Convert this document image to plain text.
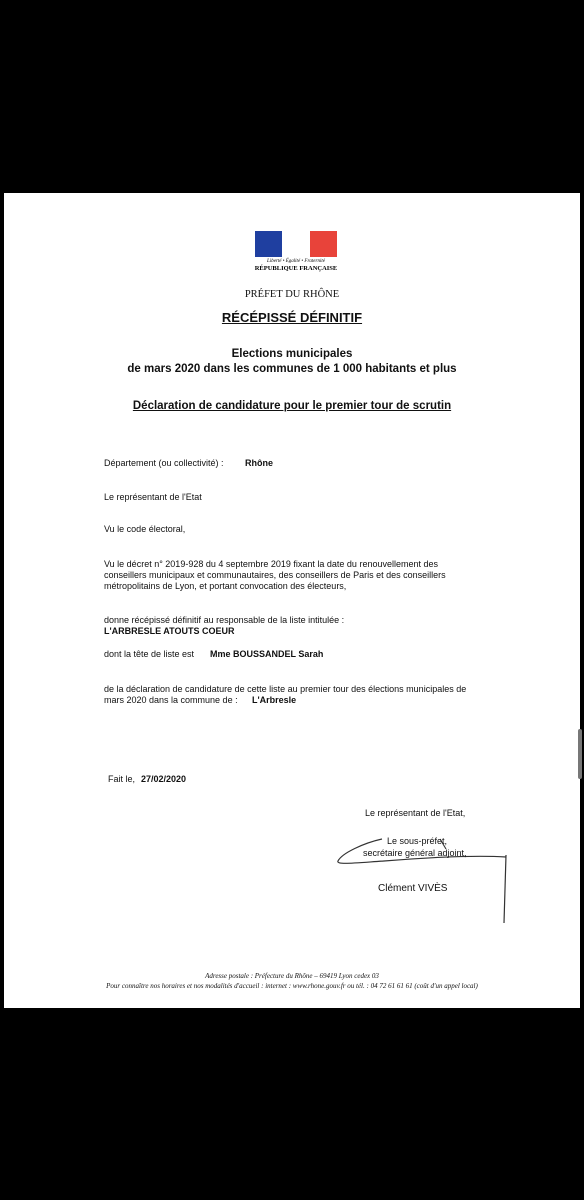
Liberté • Égalité • Fraternité
RÉPUBLIQUE FRANÇAISE
PRÉFET DU RHÔNE
RÉCÉPISSÉ DÉFINITIF
Elections municipales
de mars 2020 dans les communes de 1 000 habitants et plus
Déclaration de candidature pour le premier tour de scrutin
Département (ou collectivité) : Rhône
Le représentant de l'Etat
Vu le code électoral,
Vu le décret n° 2019-928 du 4 septembre 2019 fixant la date du renouvellement des
conseillers municipaux et communautaires, des conseillers de Paris et des conseillers
métropolitains de Lyon, et portant convocation des électeurs,
donne récépissé définitif au responsable de la liste intitulée :
L'ARBRESLE ATOUTS COEUR
dont la tête de liste est Mme BOUSSANDEL Sarah
de la déclaration de candidature de cette liste au premier tour des élections municipales de
mars 2020 dans la commune de : L'Arbresle
Fait le, 27/02/2020
Le représentant de l'Etat,
Le sous-préfet,
secrétaire général adjoint,
Clément VIVÈS
Adresse postale : Préfecture du Rhône – 69419 Lyon cedex 03
Pour connaître nos horaires et nos modalités d'accueil : internet : www.rhone.gouv.fr ou tél. : 04 72 61 61 61 (coût d'un appel local)
